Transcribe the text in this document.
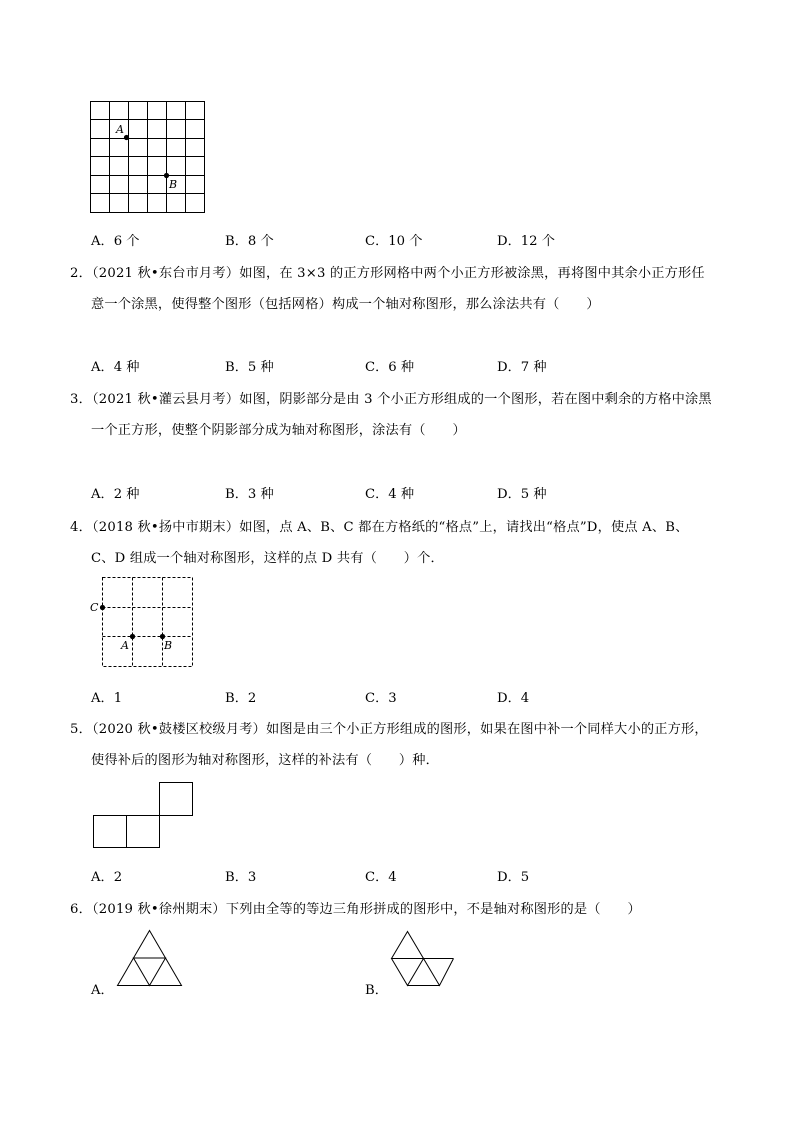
A
B
A．6 个	B．8 个	C．10 个	D．12 个
2．（2021 秋•东台市月考）如图，在 3×3 的正方形网格中两个小正方形被涂黑，再将图中其余小正方形任
意一个涂黑，使得整个图形（包括网格）构成一个轴对称图形，那么涂法共有（　　）
A．4 种	B．5 种	C．6 种	D．7 种
3．（2021 秋•灌云县月考）如图，阴影部分是由 3 个小正方形组成的一个图形，若在图中剩余的方格中涂黑
一个正方形，使整个阴影部分成为轴对称图形，涂法有（　　）
A．2 种	B．3 种	C．4 种	D．5 种
4．（2018 秋•扬中市期末）如图，点 A、B、C 都在方格纸的“格点”上，请找出“格点”D，使点 A、B、
C、D 组成一个轴对称图形，这样的点 D 共有（　　）个．
C
A	B
A．1	B．2	C．3	D．4
5．（2020 秋•鼓楼区校级月考）如图是由三个小正方形组成的图形，如果在图中补一个同样大小的正方形，
使得补后的图形为轴对称图形，这样的补法有（　　）种．
A．2	B．3	C．4	D．5
6．（2019 秋•徐州期末）下列由全等的等边三角形拼成的图形中，不是轴对称图形的是（　　）
A．	B．
